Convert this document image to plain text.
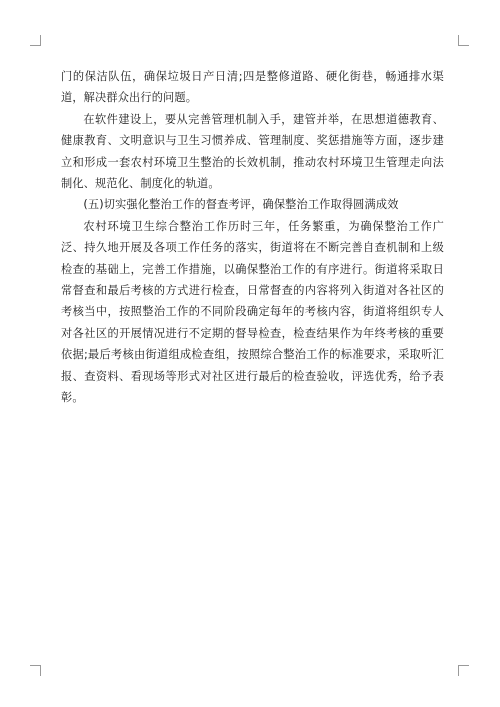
门的保洁队伍，确保垃圾日产日清;四是整修道路、硬化街巷，畅通排水渠道，解决群众出行的问题。

在软件建设上，要从完善管理机制入手，建管并举，在思想道德教育、健康教育、文明意识与卫生习惯养成、管理制度、奖惩措施等方面，逐步建立和形成一套农村环境卫生整治的长效机制，推动农村环境卫生管理走向法制化、规范化、制度化的轨道。

(五)切实强化整治工作的督查考评，确保整治工作取得圆满成效

农村环境卫生综合整治工作历时三年，任务繁重，为确保整治工作广泛、持久地开展及各项工作任务的落实，街道将在不断完善自查机制和上级检查的基础上，完善工作措施，以确保整治工作的有序进行。街道将采取日常督查和最后考核的方式进行检查，日常督查的内容将列入街道对各社区的考核当中，按照整治工作的不同阶段确定每年的考核内容，街道将组织专人对各社区的开展情况进行不定期的督导检查，检查结果作为年终考核的重要依据;最后考核由街道组成检查组，按照综合整治工作的标准要求，采取听汇报、查资料、看现场等形式对社区进行最后的检查验收，评选优秀，给予表彰。
